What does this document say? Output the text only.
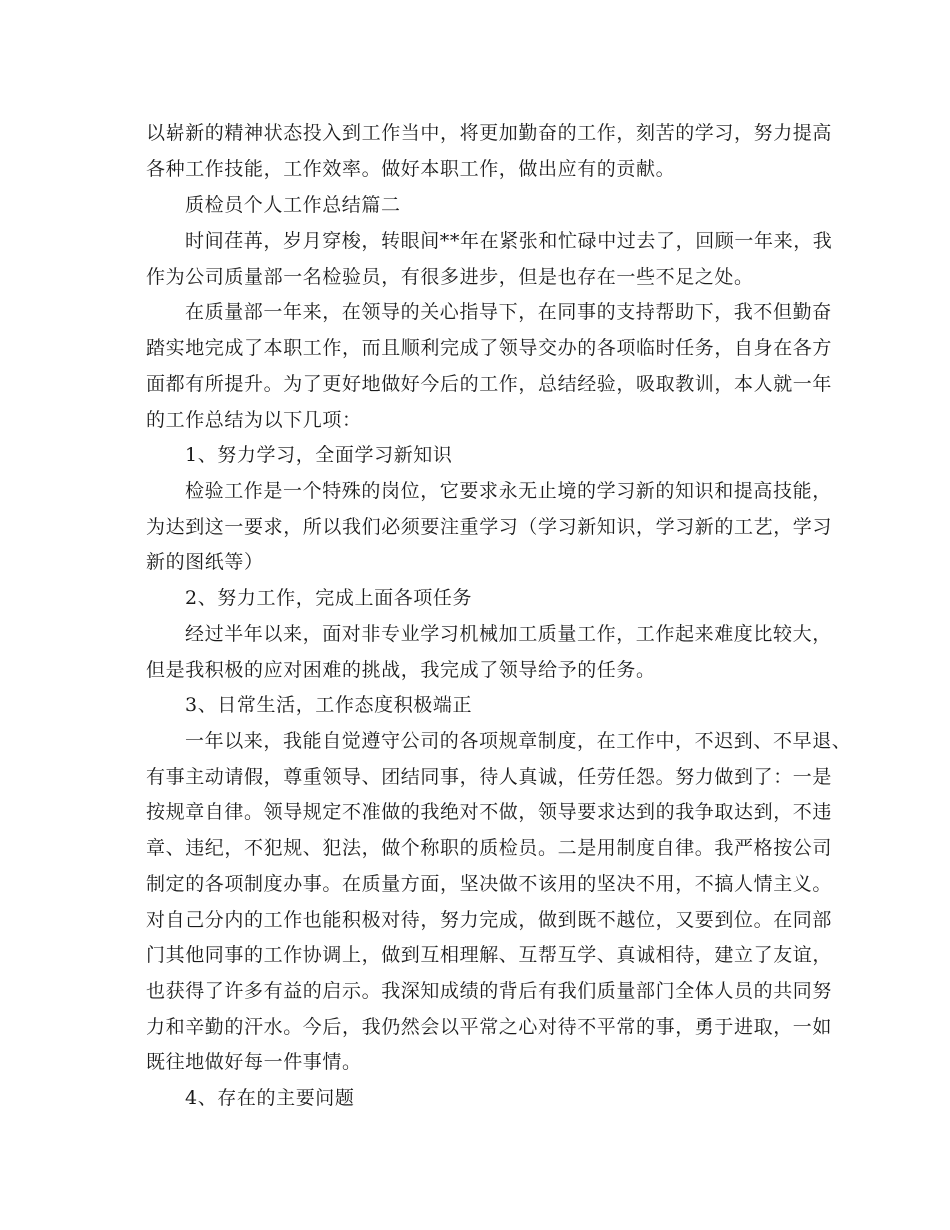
以崭新的精神状态投入到工作当中，将更加勤奋的工作，刻苦的学习，努力提高
各种工作技能，工作效率。做好本职工作，做出应有的贡献。
质检员个人工作总结篇二
时间荏苒，岁月穿梭，转眼间**年在紧张和忙碌中过去了，回顾一年来，我
作为公司质量部一名检验员，有很多进步，但是也存在一些不足之处。
在质量部一年来，在领导的关心指导下，在同事的支持帮助下，我不但勤奋
踏实地完成了本职工作，而且顺利完成了领导交办的各项临时任务，自身在各方
面都有所提升。为了更好地做好今后的工作，总结经验，吸取教训，本人就一年
的工作总结为以下几项：
1、努力学习，全面学习新知识
检验工作是一个特殊的岗位，它要求永无止境的学习新的知识和提高技能，
为达到这一要求，所以我们必须要注重学习（学习新知识，学习新的工艺，学习
新的图纸等）
2、努力工作，完成上面各项任务
经过半年以来，面对非专业学习机械加工质量工作，工作起来难度比较大，
但是我积极的应对困难的挑战，我完成了领导给予的任务。
3、日常生活，工作态度积极端正
一年以来，我能自觉遵守公司的各项规章制度，在工作中，不迟到、不早退、
有事主动请假，尊重领导、团结同事，待人真诚，任劳任怨。努力做到了：一是
按规章自律。领导规定不准做的我绝对不做，领导要求达到的我争取达到，不违
章、违纪，不犯规、犯法，做个称职的质检员。二是用制度自律。我严格按公司
制定的各项制度办事。在质量方面，坚决做不该用的坚决不用，不搞人情主义。
对自己分内的工作也能积极对待，努力完成，做到既不越位，又要到位。在同部
门其他同事的工作协调上，做到互相理解、互帮互学、真诚相待，建立了友谊，
也获得了许多有益的启示。我深知成绩的背后有我们质量部门全体人员的共同努
力和辛勤的汗水。今后，我仍然会以平常之心对待不平常的事，勇于进取，一如
既往地做好每一件事情。
4、存在的主要问题
